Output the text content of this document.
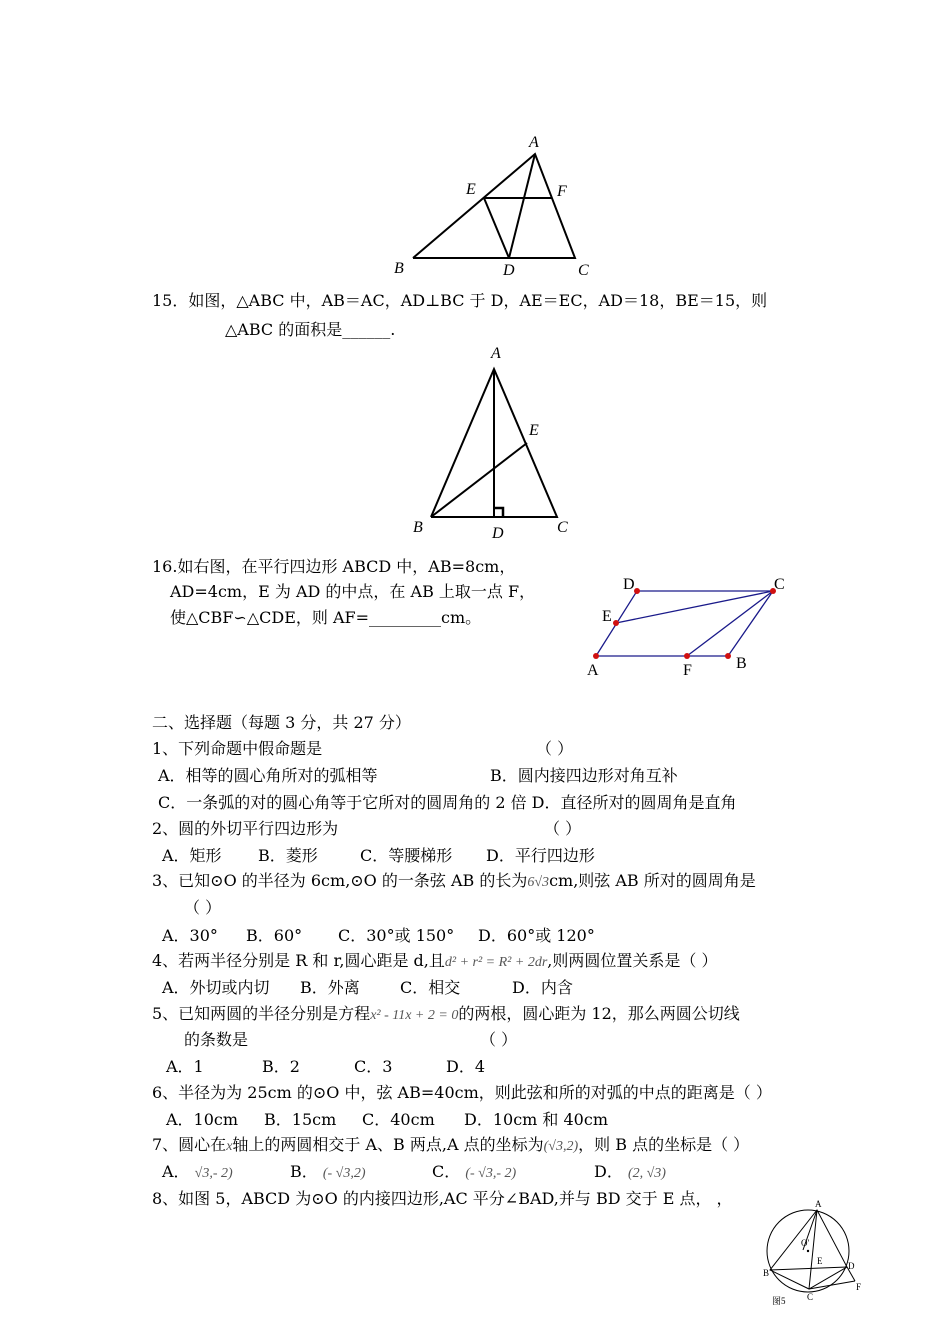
A
B	C
D
E	F
15．如图，△ABC 中，AB＝AC，AD⊥BC 于 D，AE＝EC，AD＝18，BE＝15，则
△ABC 的面积是______.
A
B	C
D
E
16.如右图，在平行四边形 ABCD 中，AB=8cm，
AD=4cm，E 为 AD 的中点，在 AB 上取一点 F，
使△CBF∽△CDE，则 AF=_________cm。
A	B
C
D
E
F
二、选择题（每题 3 分，共 27 分）
1、下列命题中假命题是	（ ）
A．相等的圆心角所对的弧相等	B．圆内接四边形对角互补
C．一条弧的对的圆心角等于它所对的圆周角的 2 倍 D．直径所对的圆周角是直角
2、圆的外切平行四边形为	（ ）
A．矩形 B．菱形	C．等腰梯形 D．平行四边形
3、已知⊙O 的半径为 6cm,⊙O 的一条弦 AB 的长为6√3cm,则弦 AB 所对的圆周角是
（ ）
A．30° B．60° C．30°或 150° D．60°或 120°
4、若两半径分别是 R 和 r,圆心距是 d,且d² + r² = R² + 2dr,则两圆位置关系是（ ）
A．外切或内切 B．外离	C．相交	D．内含
5、已知两圆的半径分别是方程x² - 11x + 2 = 0的两根，圆心距为 12，那么两圆公切线
的条数是	（ ）
A．1	B．2	C．3	D．4
6、半径为为 25cm 的⊙O 中，弦 AB=40cm，则此弦和所的对弧的中点的距离是（ ）
A．10cm B．15cm C．40cm D．10cm 和 40cm
7、圆心在x轴上的两圆相交于 A、B 两点,A 点的坐标为(√3,2)，则 B 点的坐标是（ ）
A． √3,- 2)	B． (- √3,2)	C． (- √3,- 2)	D． (2, √3)
8、如图 5，ABCD 为⊙O 的内接四边形,AC 平分∠BAD,并与 BD 交于 E 点， ，	A
B
C
D
E
F
O'
图5
